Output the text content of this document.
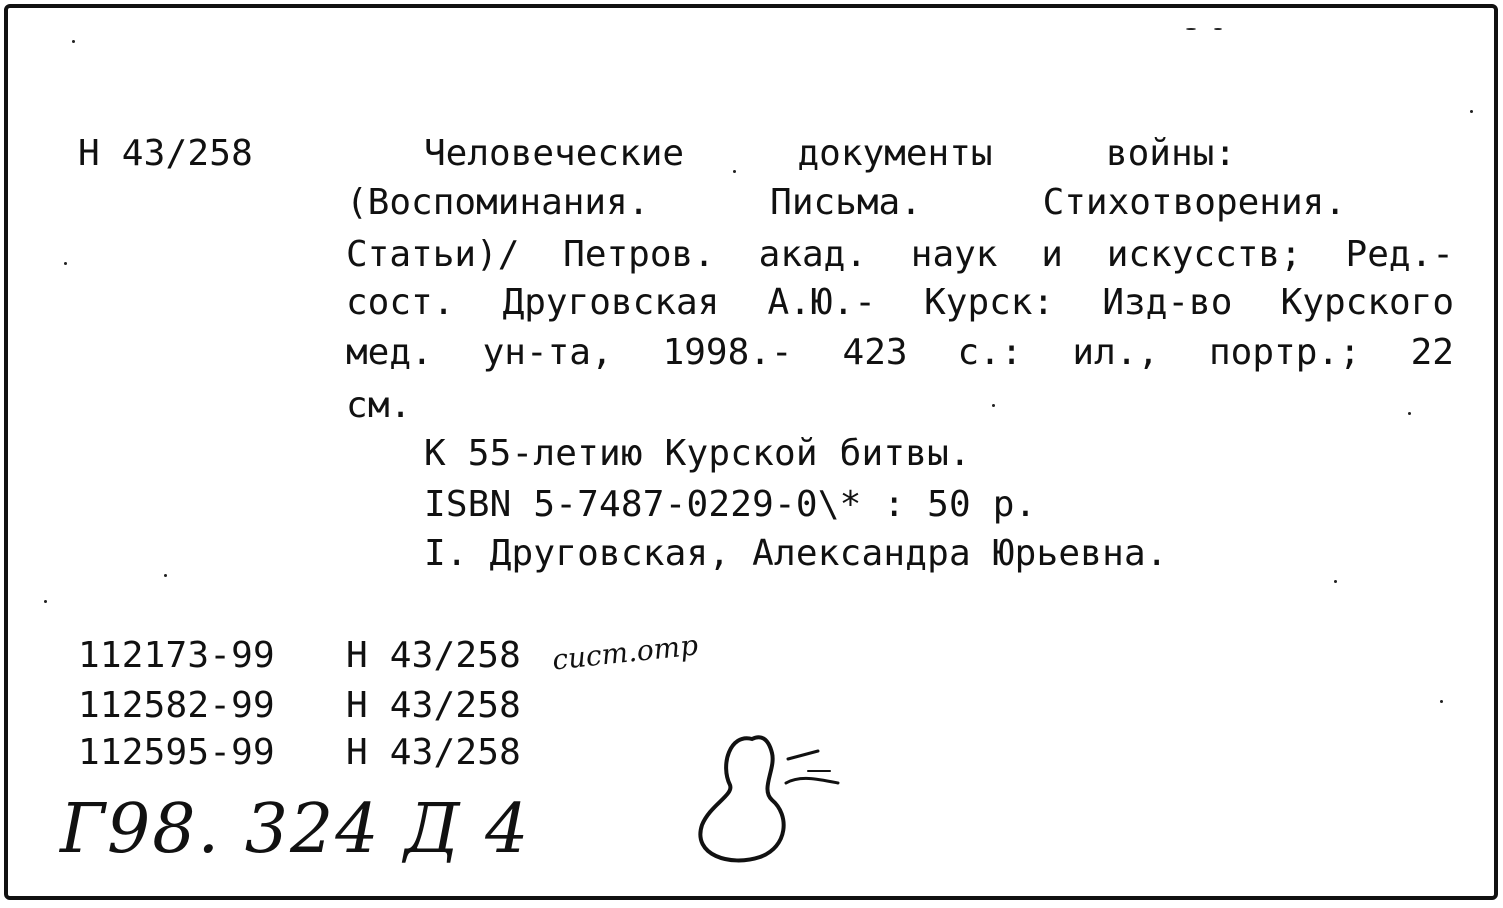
Н 43/258	Человеческие	документы	войны:
(Воспоминания.	Письма.	Стихотворения.
Статьи)/ Петров. акад. наук и искусств; Ред.-
сост. Друговская А.Ю.- Курск: Изд-во Курского
мед. ун-та, 1998.- 423 с.: ил., портр.; 22
см.
К 55-летию Курской битвы.
ISBN 5-7487-0229-0\* : 50 р.
I. Друговская, Александра Юрьевна.
112173-99 Н 43/258 сист.отр
112582-99 Н 43/258
112595-99 Н 43/258
Г98. 324 Д 4
